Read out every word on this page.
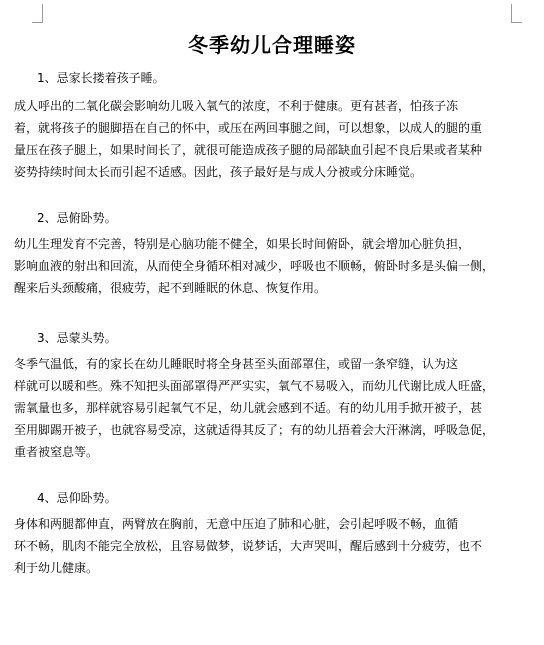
冬季幼儿合理睡姿

1、忌家长搂着孩子睡。

成人呼出的二氧化碳会影响幼儿吸入氧气的浓度，不利于健康。更有甚者，怕孩子冻
着，就将孩子的腿脚捂在自己的怀中，或压在两回事腿之间，可以想象，以成人的腿的重
量压在孩子腿上，如果时间长了，就很可能造成孩子腿的局部缺血引起不良后果或者某种
姿势持续时间太长而引起不适感。因此，孩子最好是与成人分被或分床睡觉。

2、忌俯卧势。

幼儿生理发育不完善，特别是心脑功能不健全，如果长时间俯卧，就会增加心脏负担，
影响血液的射出和回流，从而使全身循环相对减少，呼吸也不顺畅，俯卧时多是头偏一侧，
醒来后头颈酸痛，很疲劳，起不到睡眠的休息、恢复作用。

3、忌蒙头势。

冬季气温低，有的家长在幼儿睡眠时将全身甚至头面部罩住，或留一条窄缝，认为这
样就可以暖和些。殊不知把头面部罩得严严实实，氧气不易吸入，而幼儿代谢比成人旺盛，
需氧量也多，那样就容易引起氧气不足，幼儿就会感到不适。有的幼儿用手掀开被子，甚
至用脚踢开被子，也就容易受凉，这就适得其反了；有的幼儿捂着会大汗淋漓，呼吸急促，
重者被窒息等。

4、忌仰卧势。

身体和两腿都伸直，两臂放在胸前，无意中压迫了肺和心脏，会引起呼吸不畅，血循
环不畅，肌肉不能完全放松，且容易做梦，说梦话，大声哭叫，醒后感到十分疲劳，也不
利于幼儿健康。
